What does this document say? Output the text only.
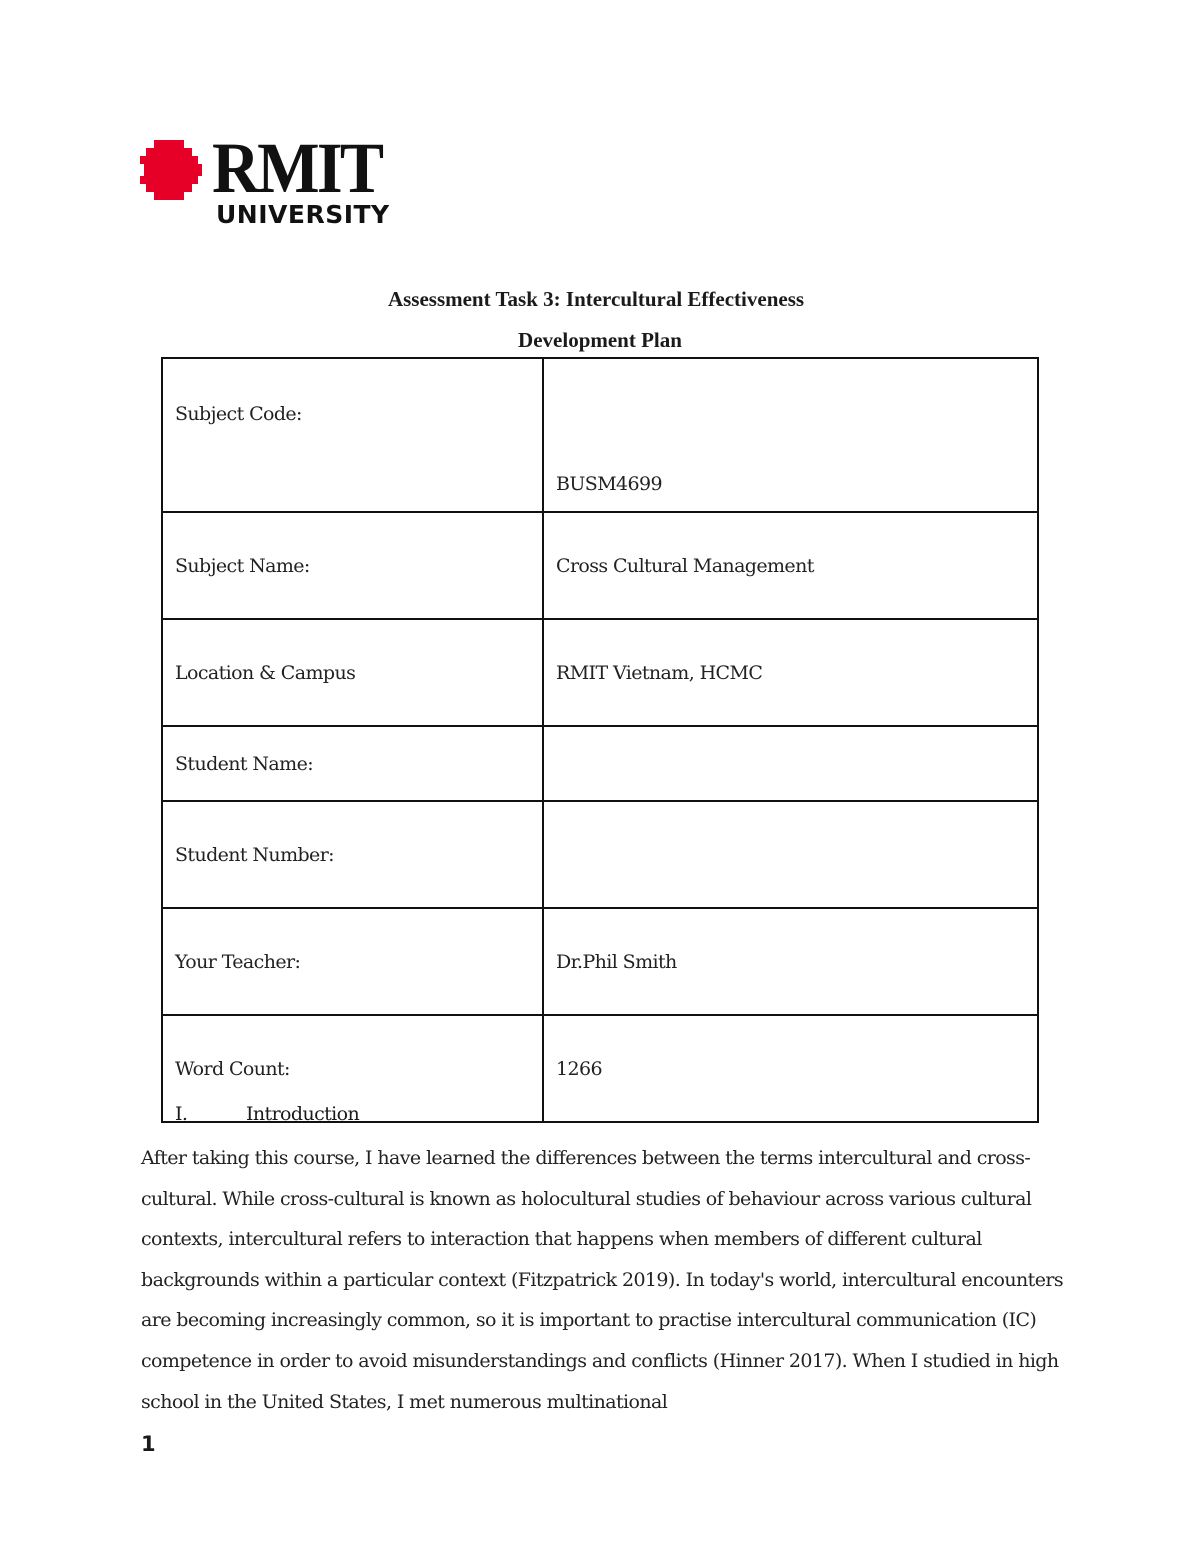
RMIT
UNIVERSITY
Assessment Task 3: Intercultural Effectiveness
Development Plan
Subject Code:	BUSM4699
Subject Name:	Cross Cultural Management
Location & Campus	RMIT Vietnam, HCMC
Student Name:	
Student Number:	
Your Teacher:	Dr.Phil Smith
Word Count:	1266
I.	Introduction

After taking this course, I have learned the differences between the terms intercultural and cross-cultural. While cross-cultural is known as holocultural studies of behaviour across various cultural contexts, intercultural refers to interaction that happens when members of different cultural backgrounds within a particular context (Fitzpatrick 2019). In today's world, intercultural encounters are becoming increasingly common, so it is important to practise intercultural communication (IC) competence in order to avoid misunderstandings and conflicts (Hinner 2017). When I studied in high school in the United States, I met numerous multinational

1
